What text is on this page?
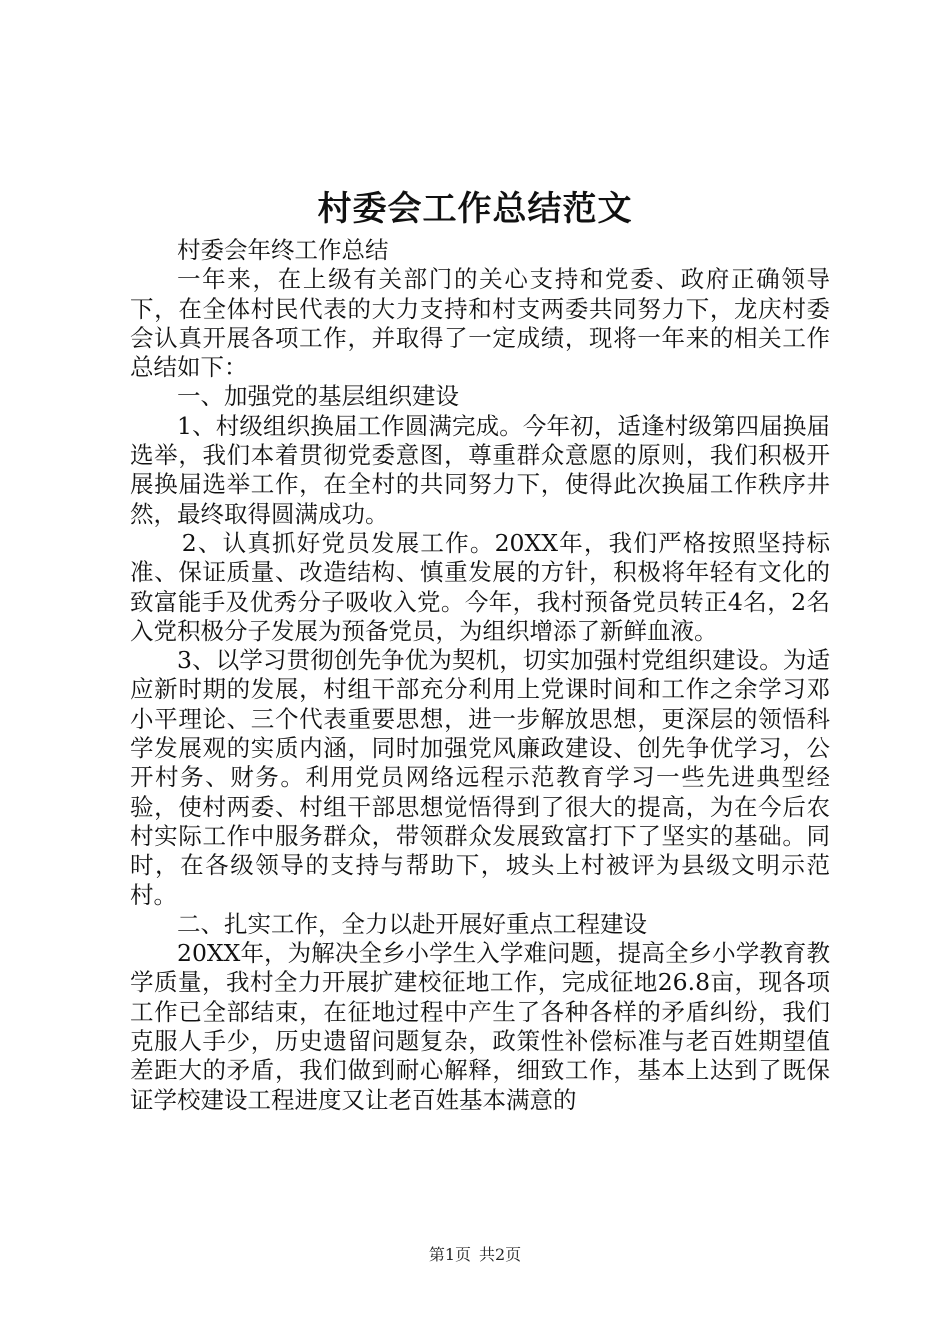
村委会工作总结范文

村委会年终工作总结

一年来，在上级有关部门的关心支持和党委、政府正确领导下，在全体村民代表的大力支持和村支两委共同努力下，龙庆村委会认真开展各项工作，并取得了一定成绩，现将一年来的相关工作总结如下：

一、加强党的基层组织建设

1、村级组织换届工作圆满完成。今年初，适逢村级第四届换届选举，我们本着贯彻党委意图，尊重群众意愿的原则，我们积极开展换届选举工作，在全村的共同努力下，使得此次换届工作秩序井然，最终取得圆满成功。

2、认真抓好党员发展工作。20XX年，我们严格按照坚持标准、保证质量、改造结构、慎重发展的方针，积极将年轻有文化的致富能手及优秀分子吸收入党。今年，我村预备党员转正4名，2名入党积极分子发展为预备党员，为组织增添了新鲜血液。

3、以学习贯彻创先争优为契机，切实加强村党组织建设。为适应新时期的发展，村组干部充分利用上党课时间和工作之余学习邓小平理论、三个代表重要思想，进一步解放思想，更深层的领悟科学发展观的实质内涵，同时加强党风廉政建设、创先争优学习，公开村务、财务。利用党员网络远程示范教育学习一些先进典型经验，使村两委、村组干部思想觉悟得到了很大的提高，为在今后农村实际工作中服务群众，带领群众发展致富打下了坚实的基础。同时，在各级领导的支持与帮助下，坡头上村被评为县级文明示范村。

二、扎实工作，全力以赴开展好重点工程建设

20XX年，为解决全乡小学生入学难问题，提高全乡小学教育教学质量，我村全力开展扩建校征地工作，完成征地26.8亩，现各项工作已全部结束，在征地过程中产生了各种各样的矛盾纠纷，我们克服人手少，历史遗留问题复杂，政策性补偿标准与老百姓期望值差距大的矛盾，我们做到耐心解释，细致工作，基本上达到了既保证学校建设工程进度又让老百姓基本满意的

第1页 共2页
